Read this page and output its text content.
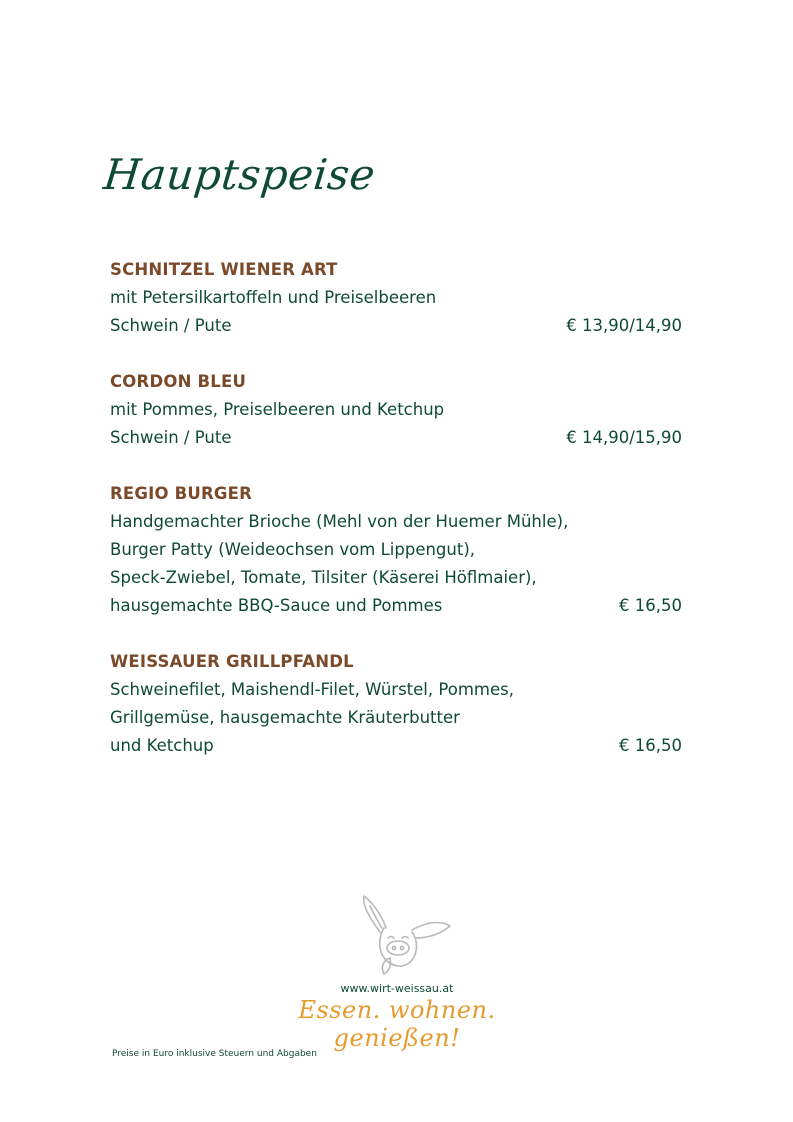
Hauptspeise
SCHNITZEL WIENER ART
mit Petersilkartoffeln und Preiselbeeren
Schwein / Pute	€ 13,90/14,90
CORDON BLEU
mit Pommes, Preiselbeeren und Ketchup
Schwein / Pute	€ 14,90/15,90
REGIO BURGER
Handgemachter Brioche (Mehl von der Huemer Mühle),
Burger Patty (Weideochsen vom Lippengut),
Speck-Zwiebel, Tomate, Tilsiter (Käserei Höflmaier),
hausgemachte BBQ-Sauce und Pommes	€ 16,50
WEISSAUER GRILLPFANDL
Schweinefilet, Maishendl-Filet, Würstel, Pommes,
Grillgemüse, hausgemachte Kräuterbutter
und Ketchup	€ 16,50
www.wirt-weissau.at
Essen. wohnen. genießen!
Preise in Euro inklusive Steuern und Abgaben
